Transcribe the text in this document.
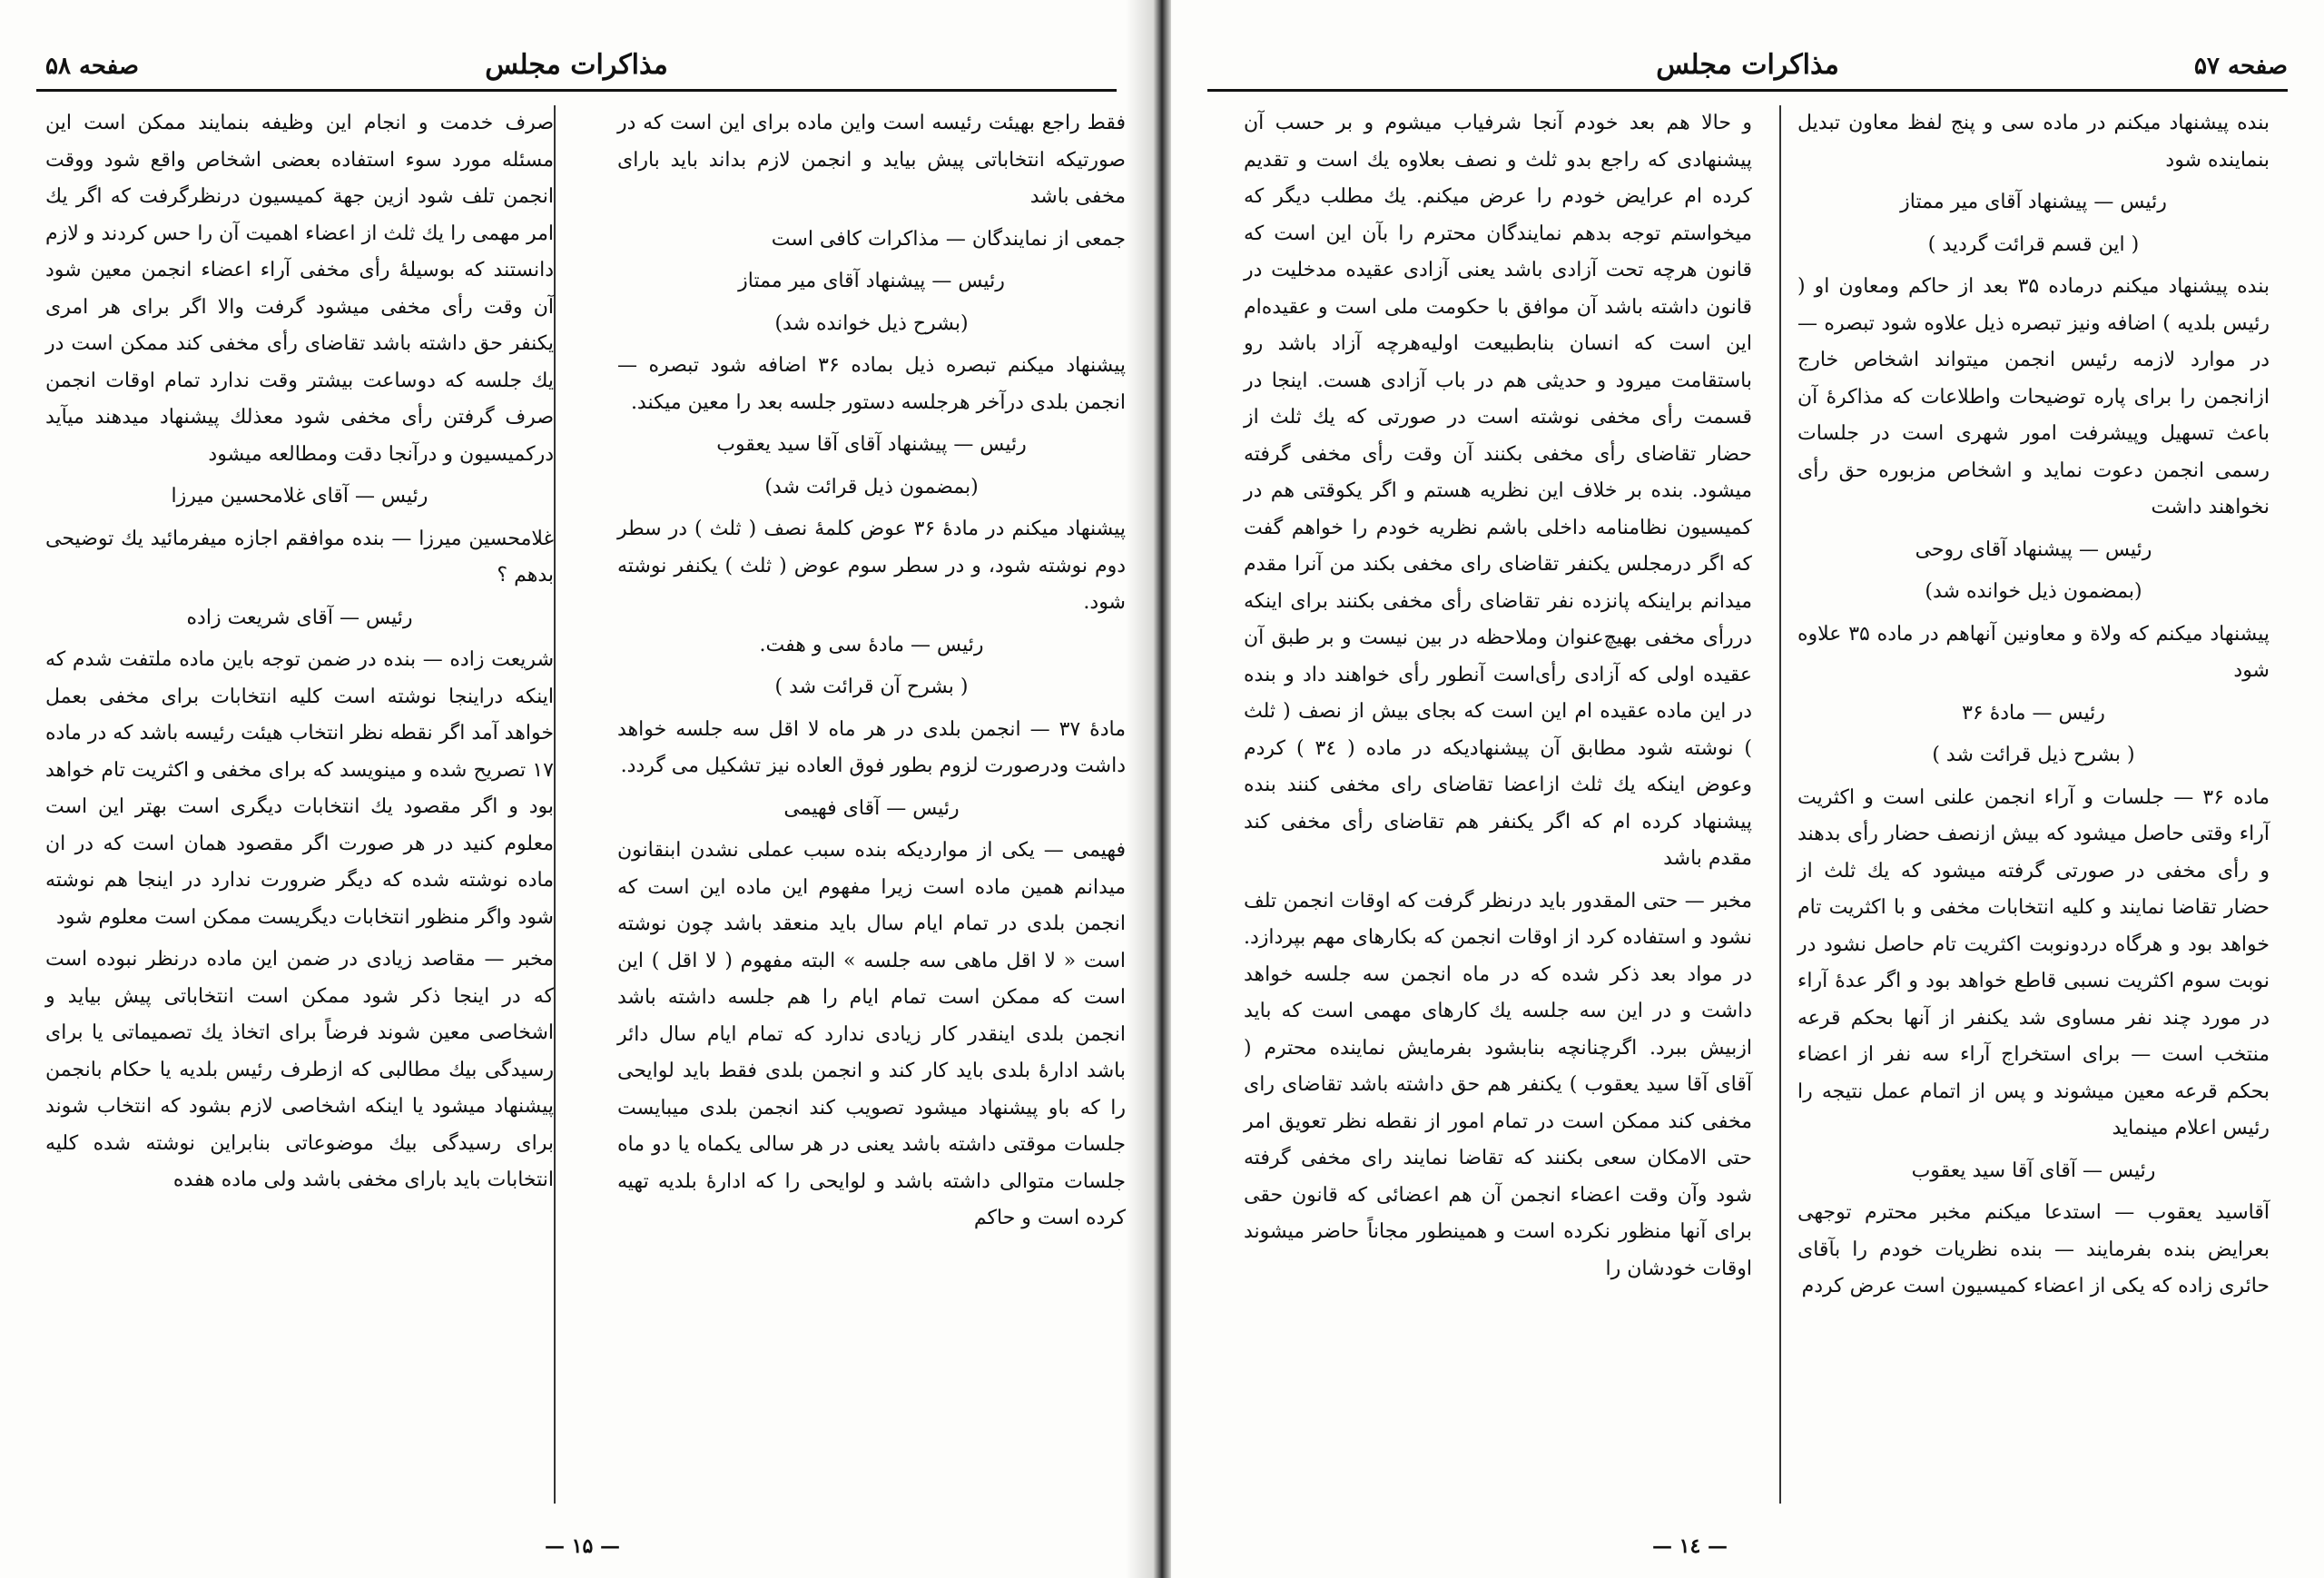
مذاکرات مجلس
صفحه ۵۸

فقط راجع بهیئت رئیسه است واین ماده برای این است که در صورتیکه انتخاباتی پیش بیاید و انجمن لازم بداند باید باراى مخفی باشد

جمعی از نمایندگان — مذاکرات کافی است

رئیس — پیشنهاد آقای میر ممتاز

(بشرح ذیل خوانده شد)

پیشنهاد میکنم تبصره ذیل بماده ۳۶ اضافه شود تبصره — انجمن بلدی درآخر هرجلسه دستور جلسه بعد را معین میکند.

رئیس — پیشنهاد آقای آقا سید یعقوب

(بمضمون ذیل قرائت شد)

پیشنهاد میکنم در مادهٔ ۳۶ عوض کلمهٔ نصف ( ثلث ) در سطر دوم نوشته شود، و در سطر سوم عوض ( ثلث ) یکنفر نوشته شود.

رئیس — مادهٔ سی و هفت.

( بشرح آن قرائت شد )

مادهٔ ۳۷ — انجمن بلدی در هر ماه لا اقل سه جلسه خواهد داشت ودرصورت لزوم بطور فوق العاده نیز تشکیل می گردد.

رئیس — آقای فهیمی

فهیمی — یکی از مواردیکه بنده سبب عملی نشدن ابنقانون میدانم همین ماده است زیرا مفهوم این ماده این است که انجمن بلدی در تمام ایام سال باید منعقد باشد چون نوشته است « لا اقل ماهی سه جلسه » البته مفهوم ( لا اقل ) این است که ممکن است تمام ایام را هم جلسه داشته باشد انجمن بلدی اینقدر کار زیادی ندارد که تمام ایام سال دائر باشد ادارهٔ بلدی باید کار کند و انجمن بلدی فقط باید لوایحی را که باو پیشنهاد میشود تصویب کند انجمن بلدی میبایست جلسات موقتی داشته باشد یعنی در هر سالی یکماه یا دو ماه جلسات متوالی داشته باشد و لوایحی را که ادارهٔ بلدیه تهیه کرده است و حاکم

صرف خدمت و انجام این وظیفه بنمایند ممکن است این مسئله مورد سوء استفاده بعضی اشخاص واقع شود ووقت انجمن تلف شود ازین جهة کمیسیون درنظرگرفت که اگر یك امر مهمی را یك ثلث از اعضاء اهمیت آن را حس کردند و لازم دانستند که بوسیلهٔ رأی مخفی آراء اعضاء انجمن معین شود آن وقت رأی مخفی میشود گرفت والا اگر برای هر امری یکنفر حق داشته باشد تقاضای رأی مخفی کند ممکن است در یك جلسه که دوساعت بیشتر وقت ندارد تمام اوقات انجمن صرف گرفتن رأی مخفی شود معذلك پیشنهاد میدهند میآید درکمیسیون و درآنجا دقت ومطالعه میشود

رئیس — آقای غلامحسین میرزا

غلامحسین میرزا — بنده موافقم اجازه میفرمائید یك توضیحی بدهم ؟

رئیس — آقای شریعت زاده

شریعت زاده — بنده در ضمن توجه باین ماده ملتفت شدم که اینکه دراینجا نوشته است کلیه انتخابات برای مخفی بعمل خواهد آمد اگر نقطه نظر انتخاب هیئت رئیسه باشد که در ماده ۱۷ تصریح شده و مینویسد که برای مخفی و اکثریت تام خواهد بود و اگر مقصود یك انتخابات دیگری است بهتر این است معلوم کنید در هر صورت اگر مقصود همان است که در ان ماده نوشته شده که دیگر ضرورت ندارد در اینجا هم نوشته شود واگر منظور انتخابات دیگریست ممکن است معلوم شود

مخبر — مقاصد زیادی در ضمن این ماده درنظر نبوده است که در اینجا ذکر شود ممکن است انتخاباتی پیش بیاید و اشخاصی معین شوند فرضاً برای اتخاذ یك تصمیماتی یا برای رسیدگی بیك مطالبی که ازطرف رئیس بلدیه یا حکام بانجمن پیشنهاد میشود یا اینکه اشخاصی لازم بشود که انتخاب شوند برای رسیدگی بیك موضوعاتی بنابراین نوشته شده کلیه انتخابات باید باراى مخفی باشد ولی ماده هفده

— ۱۵ —
مذاکرات مجلس	صفحه ۵۷

بنده پیشنهاد میکنم در ماده سی و پنج لفظ معاون تبدیل بنماینده شود

رئیس — پیشنهاد آقای میر ممتاز

( این قسم قرائت گردید )

بنده پیشنهاد میکنم درماده ۳۵ بعد از حاکم ومعاون او ( رئیس بلدیه ) اضافه ونیز تبصره ذیل علاوه شود تبصره — در موارد لازمه رئیس انجمن میتواند اشخاص خارج ازانجمن را برای پاره توضیحات واطلاعات که مذاکرهٔ آن باعث تسهیل وپیشرفت امور شهری است در جلسات رسمی انجمن دعوت نماید و اشخاص مزبوره حق رأی نخواهند داشت

رئیس — پیشنهاد آقای روحی

(بمضمون ذیل خوانده شد)

پیشنهاد میکنم که ولاة و معاونین آنهاهم در ماده ۳۵ علاوه شود

رئیس — مادهٔ ۳۶

( بشرح ذیل قرائت شد )

ماده ۳۶ — جلسات و آراء انجمن علنی است و اکثریت آراء وقتی حاصل میشود که بیش ازنصف حضار رأی بدهند و رأی مخفی در صورتی گرفته میشود که یك ثلث از حضار تقاضا نمایند و کلیه انتخابات مخفی و با اکثریت تام خواهد بود و هرگاه دردونوبت اکثریت تام حاصل نشود در نوبت سوم اکثریت نسبی قاطع خواهد بود و اگر عدهٔ آراء در مورد چند نفر مساوی شد یکنفر از آنها بحکم قرعه منتخب است — برای استخراج آراء سه نفر از اعضاء بحکم قرعه معین میشوند و پس از اتمام عمل نتیجه را رئیس اعلام مینماید

رئیس — آقای آقا سید یعقوب

آقاسید یعقوب — استدعا میکنم مخبر محترم توجهی بعرایض بنده بفرمایند — بنده نظریات خودم را بآقای حائری زاده که یکی از اعضاء کمیسیون است عرض کردم

و حالا هم بعد خودم آنجا شرفیاب میشوم و بر حسب آن پیشنهادی که راجع بدو ثلث و نصف بعلاوه یك است و تقدیم کرده ام عرایض خودم را عرض میکنم. یك مطلب دیگر که میخواستم توجه بدهم نمایندگان محترم را بآن این است که قانون هرچه تحت آزادی باشد یعنی آزادی عقیده مدخلیت در قانون داشته باشد آن موافق با حکومت ملی است و عقیده‌ام این است که انسان بنابطبیعت اولیه‌هرچه آزاد باشد رو باستقامت میرود و حدیثی هم در باب آزادی هست. اینجا در قسمت رأی مخفی نوشته است در صورتی که یك ثلث از حضار تقاضای رأی مخفی بکنند آن وقت رأی مخفی گرفته میشود. بنده بر خلاف این نظریه هستم و اگر یکوقتی هم در کمیسیون نظامنامه داخلی باشم نظریه خودم را خواهم گفت که اگر درمجلس یکنفر تقاضای رای مخفی بکند من آنرا مقدم میدانم براینکه پانزده نفر تقاضای رأی مخفی بکنند برای اینکه دررأی مخفی بهیچ‌عنوان وملاحظه در بین نیست و بر طبق آن عقیده اولی که آزادی رأی‌است آنطور رأی خواهند داد و بنده در این ماده عقیده ام این است که بجای بیش از نصف ( ثلث ) نوشته شود مطابق آن پیشنهادیکه در ماده ( ۳٤ ) کردم وعوض اینکه یك ثلث ازاعضا تقاضای رای مخفی کنند بنده پیشنهاد کرده ام که اگر یکنفر هم تقاضای رأی مخفی کند مقدم باشد

مخبر — حتی المقدور باید درنظر گرفت که اوقات انجمن تلف نشود و استفاده کرد از اوقات انجمن که بکارهای مهم بپردازد. در مواد بعد ذکر شده که در ماه انجمن سه جلسه خواهد داشت و در این سه جلسه یك کارهای مهمی است که باید ازبیش ببرد. اگرچنانچه بنابشود بفرمایش نماینده محترم ( آقای آقا سید یعقوب ) یکنفر هم حق داشته باشد تقاضای رای مخفی کند ممکن است در تمام امور از نقطه نظر تعویق امر حتی الامکان سعی بکنند که تقاضا نمایند رای مخفی گرفته شود وآن وقت اعضاء انجمن آن هم اعضائی که قانون حقی برای آنها منظور نکرده است و همینطور مجاناً حاضر میشوند اوقات خودشان را

— ۱٤ —
